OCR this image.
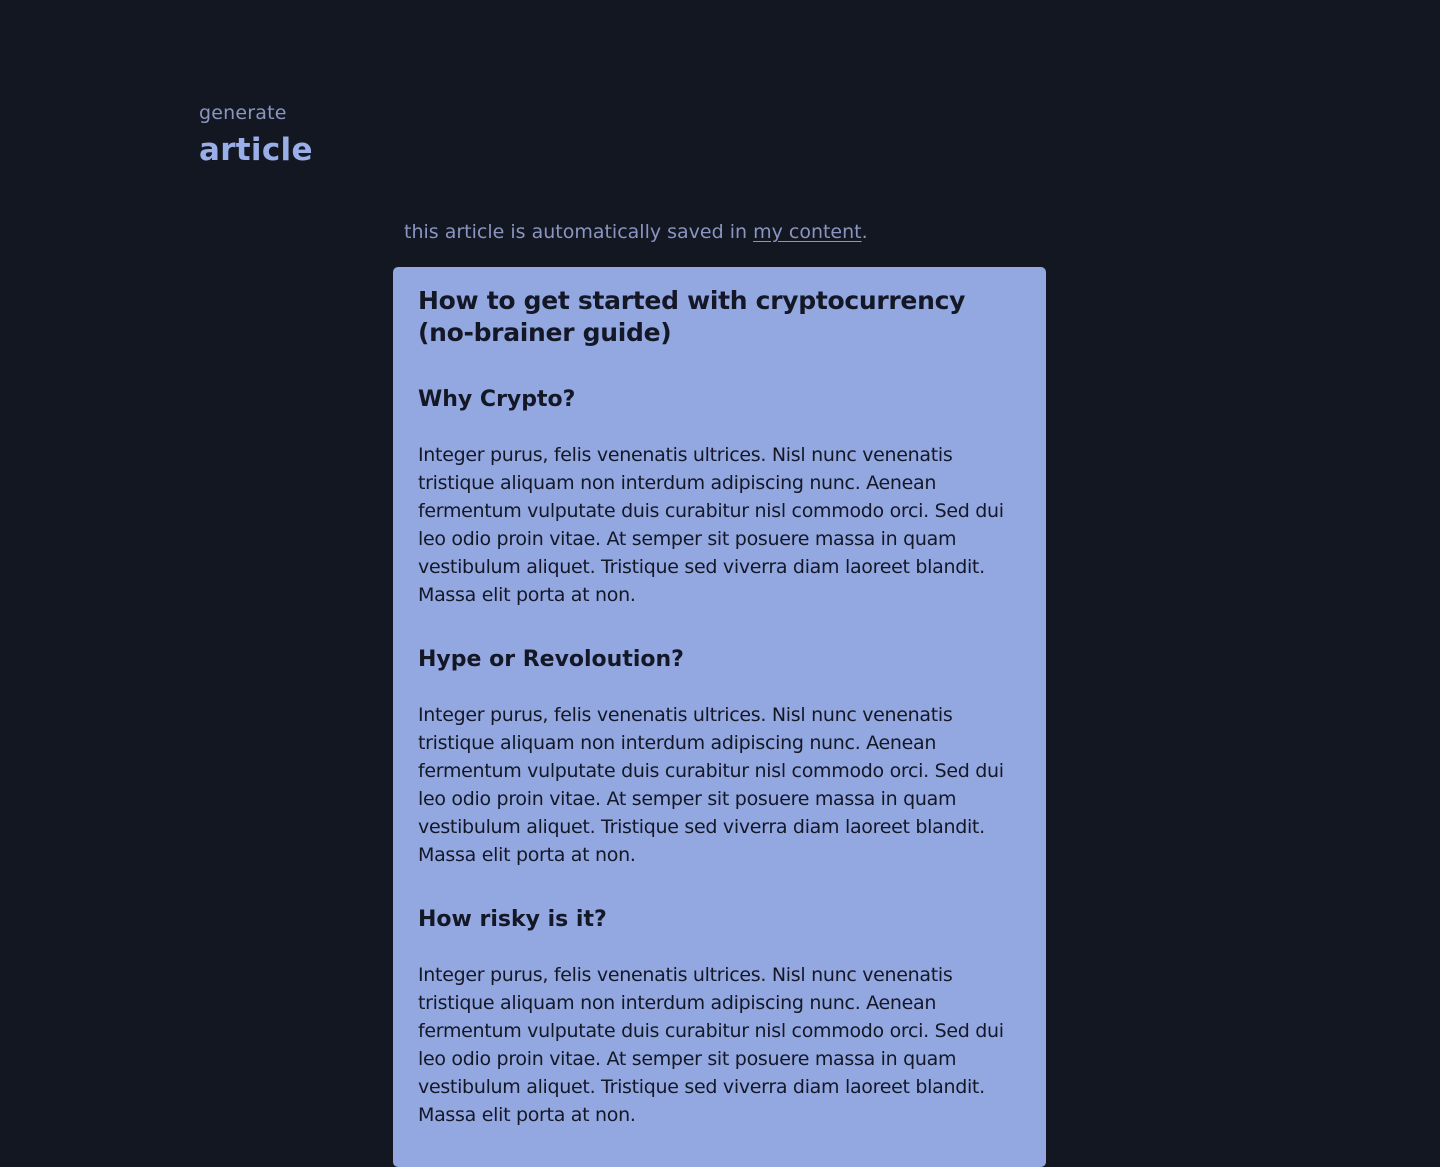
generate
article
this article is automatically saved in my content.
How to get started with cryptocurrency (no-brainer guide)
Why Crypto?

Integer purus, felis venenatis ultrices. Nisl nunc venenatis tristique aliquam non interdum adipiscing nunc. Aenean fermentum vulputate duis curabitur nisl commodo orci. Sed dui leo odio proin vitae. At semper sit posuere massa in quam vestibulum aliquet. Tristique sed viverra diam laoreet blandit. Massa elit porta at non.

Hype or Revoloution?

Integer purus, felis venenatis ultrices. Nisl nunc venenatis tristique aliquam non interdum adipiscing nunc. Aenean fermentum vulputate duis curabitur nisl commodo orci. Sed dui leo odio proin vitae. At semper sit posuere massa in quam vestibulum aliquet. Tristique sed viverra diam laoreet blandit. Massa elit porta at non.

How risky is it?

Integer purus, felis venenatis ultrices. Nisl nunc venenatis tristique aliquam non interdum adipiscing nunc. Aenean fermentum vulputate duis curabitur nisl commodo orci. Sed dui leo odio proin vitae. At semper sit posuere massa in quam vestibulum aliquet. Tristique sed viverra diam laoreet blandit. Massa elit porta at non.
